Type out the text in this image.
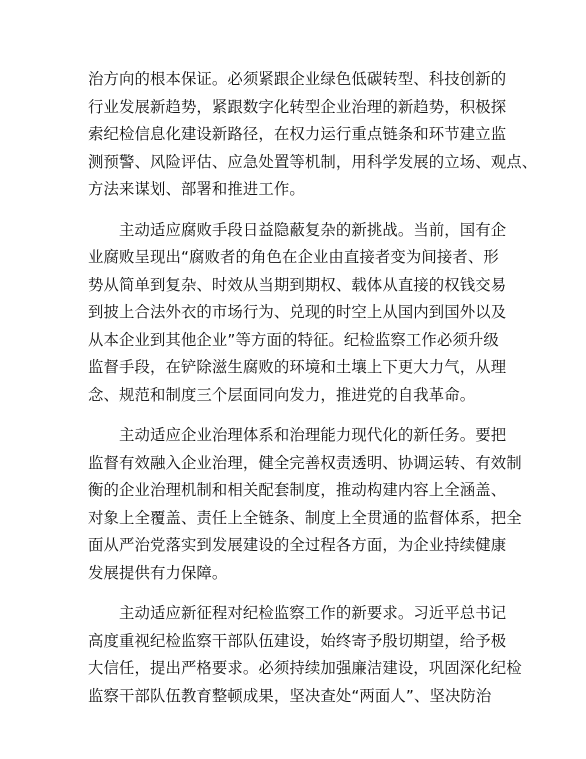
治方向的根本保证。必须紧跟企业绿色低碳转型、科技创新的
行业发展新趋势，紧跟数字化转型企业治理的新趋势，积极探
索纪检信息化建设新路径，在权力运行重点链条和环节建立监
测预警、风险评估、应急处置等机制，用科学发展的立场、观点、
方法来谋划、部署和推进工作。
主动适应腐败手段日益隐蔽复杂的新挑战。当前，国有企
业腐败呈现出“腐败者的角色在企业由直接者变为间接者、形
势从简单到复杂、时效从当期到期权、载体从直接的权钱交易
到披上合法外衣的市场行为、兑现的时空上从国内到国外以及
从本企业到其他企业”等方面的特征。纪检监察工作必须升级
监督手段，在铲除滋生腐败的环境和土壤上下更大力气，从理
念、规范和制度三个层面同向发力，推进党的自我革命。
主动适应企业治理体系和治理能力现代化的新任务。要把
监督有效融入企业治理，健全完善权责透明、协调运转、有效制
衡的企业治理机制和相关配套制度，推动构建内容上全涵盖、
对象上全覆盖、责任上全链条、制度上全贯通的监督体系，把全
面从严治党落实到发展建设的全过程各方面，为企业持续健康
发展提供有力保障。
主动适应新征程对纪检监察工作的新要求。习近平总书记
高度重视纪检监察干部队伍建设，始终寄予殷切期望，给予极
大信任，提出严格要求。必须持续加强廉洁建设，巩固深化纪检
监察干部队伍教育整顿成果，坚决查处“两面人”、坚决防治
